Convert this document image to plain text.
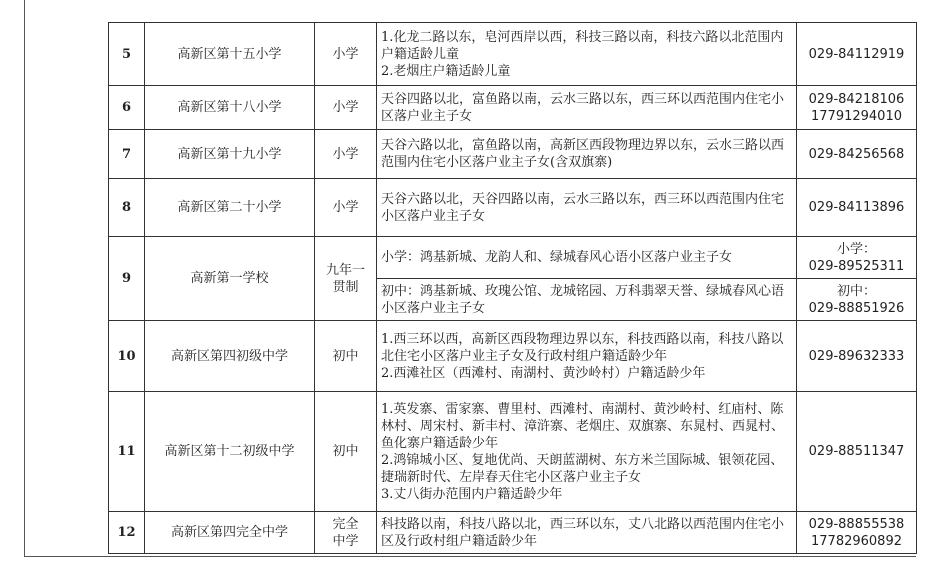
5	高新区第十五小学	小学	1.化龙二路以东，皂河西岸以西，科技三路以南，科技六路以北范围内户籍适龄儿童
2.老烟庄户籍适龄儿童	029-84112919

6	高新区第十八小学	小学	天谷四路以北，富鱼路以南，云水三路以东，西三环以西范围内住宅小区落户业主子女	029-84218106
17791294010

7	高新区第十九小学	小学	天谷六路以北，富鱼路以南，高新区西段物理边界以东，云水三路以西范围内住宅小区落户业主子女(含双旗寨)	029-84256568

8	高新区第二十小学	小学	天谷六路以北，天谷四路以南，云水三路以东，西三环以西范围内住宅小区落户业主子女	029-84113896

9	高新第一学校	九年一
贯制	小学：鸿基新城、龙韵人和、绿城春风心语小区落户业主子女	小学：
029-89525311

			初中：鸿基新城、玫瑰公馆、龙城铭园、万科翡翠天誉、绿城春风心语小区落户业主子女	初中：
029-88851926

10	高新区第四初级中学	初中	1.西三环以西，高新区西段物理边界以东，科技西路以南，科技八路以北住宅小区落户业主子女及行政村组户籍适龄少年
2.西滩社区（西滩村、南湖村、黄沙岭村）户籍适龄少年	029-89632333

11	高新区第十二初级中学	初中	1.英发寨、雷家寨、曹里村、西滩村、南湖村、黄沙岭村、红庙村、陈林村、周宋村、新丰村、漳浒寨、老烟庄、双旗寨、东晁村、西晁村、鱼化寨户籍适龄少年
2.鸿锦城小区、复地优尚、天朗蓝湖树、东方米兰国际城、银领花园、捷瑞新时代、左岸春天住宅小区落户业主子女
3.丈八街办范围内户籍适龄少年	029-88511347

12	高新区第四完全中学	完全
中学	科技路以南，科技八路以北，西三环以东，丈八北路以西范围内住宅小区及行政村组户籍适龄少年	029-88855538
17782960892
